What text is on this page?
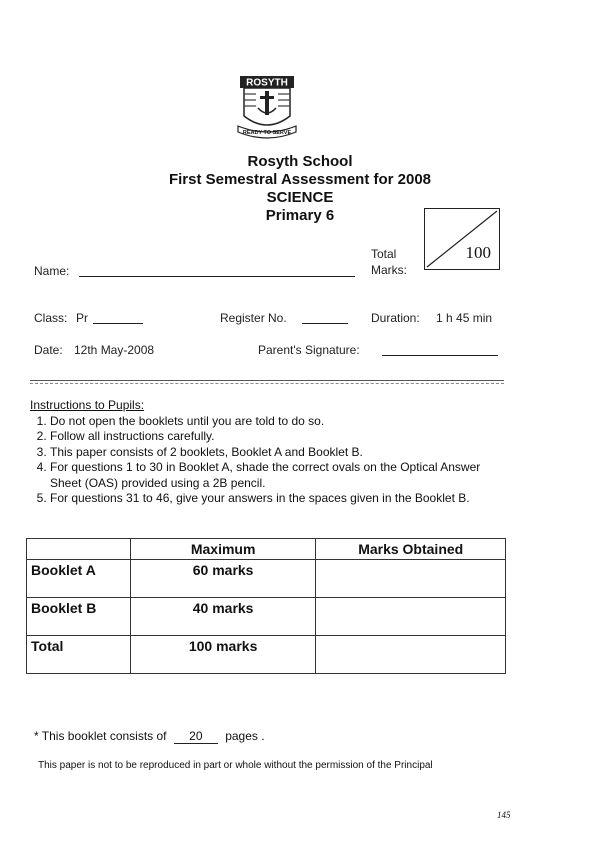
ROSYTH
READY TO SERVE
Rosyth School
First Semestral Assessment for 2008
SCIENCE
Primary 6
Total
Marks:
100
Name:
Class: Pr	Register No.	Duration: 1 h 45 min
Date: 12th May-2008	Parent's Signature:
Instructions to Pupils:
1. Do not open the booklets until you are told to do so.
2. Follow all instructions carefully.
3. This paper consists of 2 booklets, Booklet A and Booklet B.
4. For questions 1 to 30 in Booklet A, shade the correct ovals on the Optical Answer Sheet (OAS) provided using a 2B pencil.
5. For questions 31 to 46, give your answers in the spaces given in the Booklet B.
	Maximum	Marks Obtained
Booklet A	60 marks	
Booklet B	40 marks	
Total	100 marks	
* This booklet consists of 20 pages .
This paper is not to be reproduced in part or whole without the permission of the Principal
145
